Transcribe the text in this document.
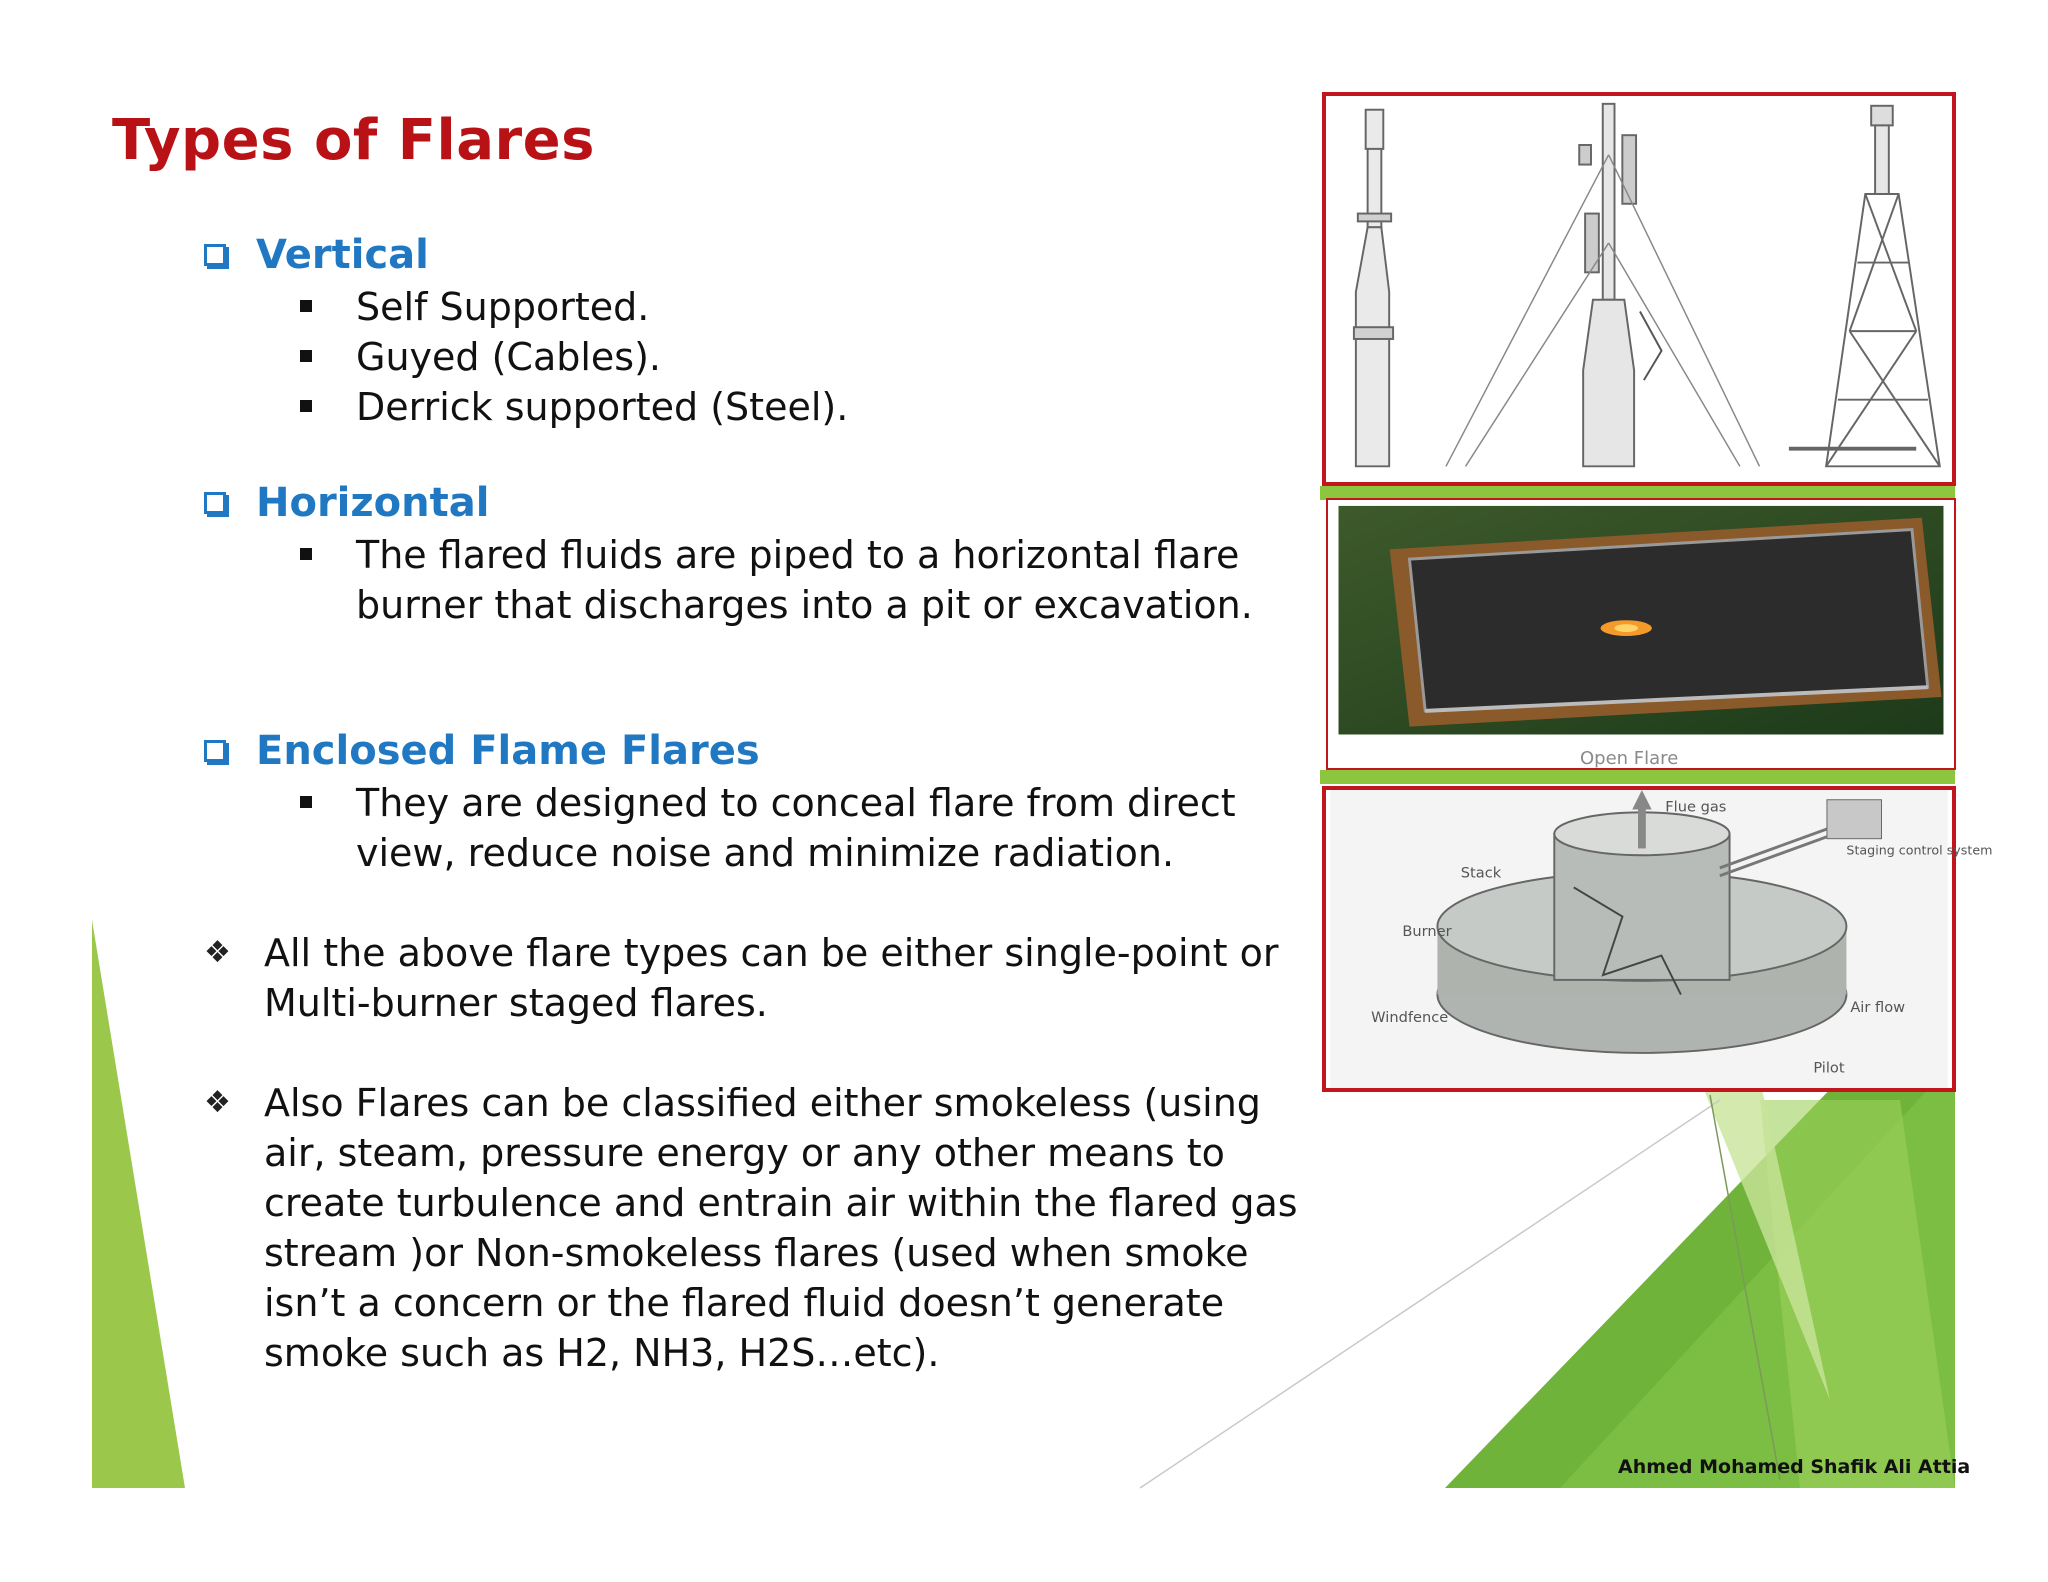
Types of Flares
Vertical
Self Supported.
Guyed (Cables).
Derrick supported (Steel).
Horizontal
The flared fluids are piped to a horizontal flare burner that discharges into a pit or excavation.
Enclosed Flame Flares
They are designed to conceal flare from direct view, reduce noise and minimize radiation.
❖ All the above flare types can be either single-point or Multi-burner staged flares.
❖ Also Flares can be classified either smokeless (using air, steam, pressure energy or any other means to create turbulence and entrain air within the flared gas stream )or Non-smokeless flares (used when smoke isn’t a concern or the flared fluid doesn’t generate smoke such as H2, NH3, H2S…etc).
Open Flare
Flue gas
Stack
Burner
Windfence
Air flow
Pilot
Staging control system
Ahmed Mohamed Shafik Ali Attia
